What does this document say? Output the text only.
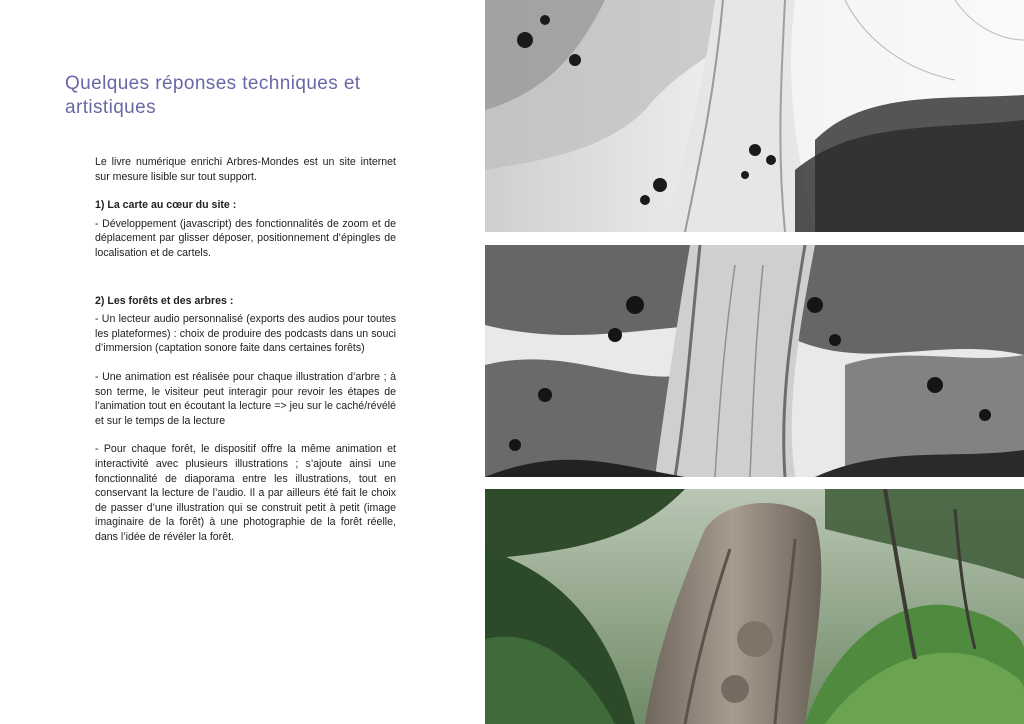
Quelques réponses techniques et artistiques

Le livre numérique enrichi Arbres-Mondes est un site internet sur mesure lisible sur tout support.

1) La carte au cœur du site :

- Développement (javascript) des fonctionnalités de zoom et de déplacement par glisser déposer, positionnement d’épingles de localisation et de cartels.

2) Les forêts et des arbres :

- Un lecteur audio personnalisé (exports des audios pour toutes les plateformes) : choix de produire des podcasts dans un souci d’immersion (captation sonore faite dans certaines forêts)

- Une animation est réalisée pour chaque illustration d’arbre ; à son terme, le visiteur peut interagir pour revoir les étapes de l’animation tout en écoutant la lecture => jeu sur le caché/révélé et sur le temps de la lecture

- Pour chaque forêt, le dispositif offre la même animation et interactivité avec plusieurs illustrations ; s’ajoute ainsi une fonctionnalité de diaporama entre les illustrations, tout en conservant la lecture de l’audio. Il a par ailleurs été fait le choix de passer d’une illustration qui se construit petit à petit (image imaginaire de la forêt) à une photographie de la forêt réelle, dans l’idée de révéler la forêt.
